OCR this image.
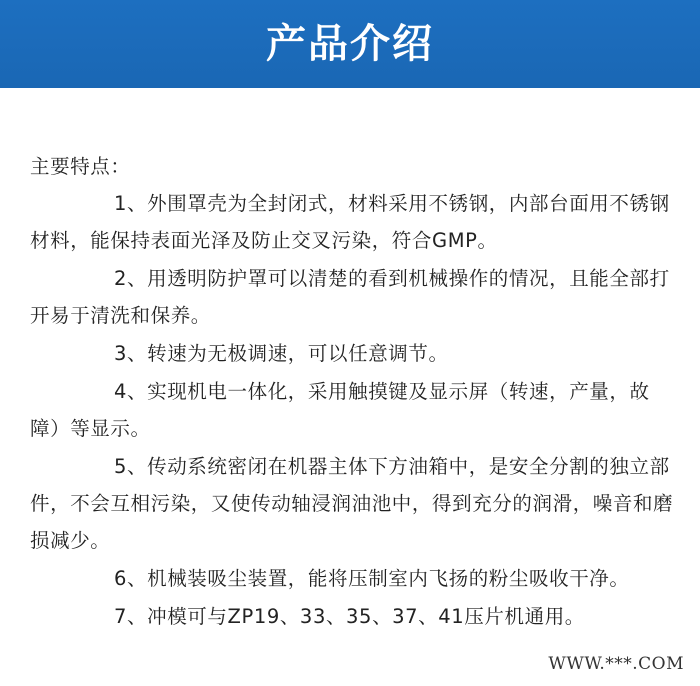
产品介绍

主要特点：

1、外围罩壳为全封闭式，材料采用不锈钢，内部台面用不锈钢材料，能保持表面光泽及防止交叉污染，符合GMP。

2、用透明防护罩可以清楚的看到机械操作的情况，且能全部打开易于清洗和保养。

3、转速为无极调速，可以任意调节。

4、实现机电一体化，采用触摸键及显示屏（转速，产量，故障）等显示。

5、传动系统密闭在机器主体下方油箱中，是安全分割的独立部件，不会互相污染，又使传动轴浸润油池中，得到充分的润滑，噪音和磨损减少。

6、机械装吸尘装置，能将压制室内飞扬的粉尘吸收干净。

7、冲模可与ZP19、33、35、37、41压片机通用。

WWW.***.COM
